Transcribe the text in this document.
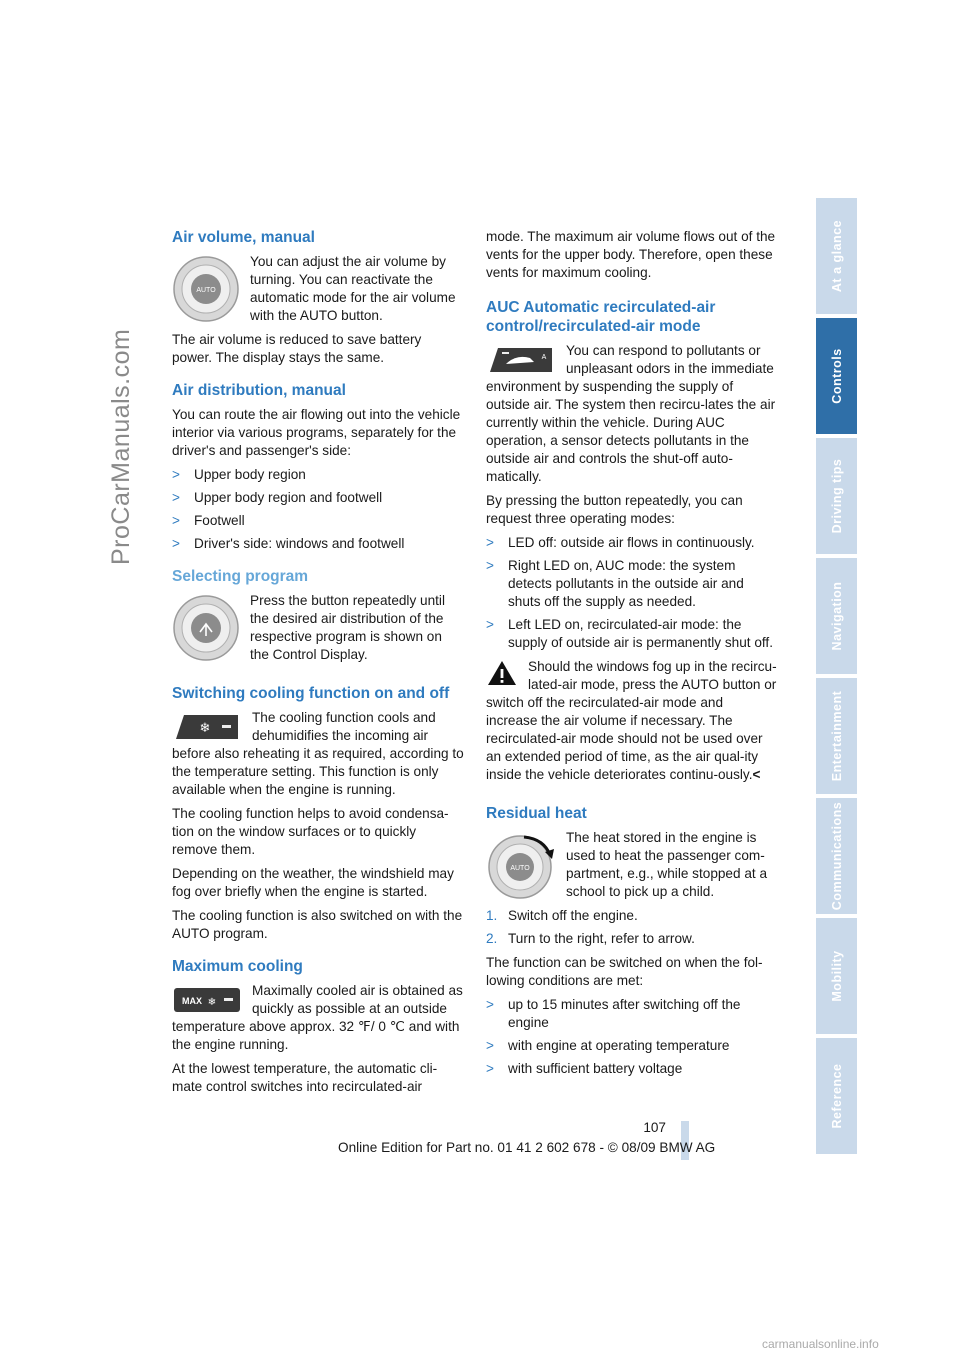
ProCarManuals.com
Air volume, manual
AUTO

You can adjust the air volume by turning. You can reactivate the automatic mode for the air volume with the AUTO button.

The air volume is reduced to save battery power. The display stays the same.

Air distribution, manual

You can route the air flowing out into the vehicle interior via various programs, separately for the driver's and passenger's side:

> Upper body region
> Upper body region and footwell
> Footwell
> Driver's side: windows and footwell
Selecting program

Press the button repeatedly until the desired air distribution of the respective program is shown on the Control Display.

Switching cooling function on and off
❄

The cooling function cools and dehumidifies the incoming air before also reheating it as required, according to the temperature setting. This function is only available when the engine is running.

The cooling function helps to avoid condensa-tion on the window surfaces or to quickly remove them.

Depending on the weather, the windshield may fog over briefly when the engine is started.

The cooling function is also switched on with the AUTO program.

Maximum cooling
MAX ❄

Maximally cooled air is obtained as quickly as possible at an outside temperature above approx. 32 ℉/ 0 ℃ and with the engine running.

At the lowest temperature, the automatic cli-mate control switches into recirculated-air

mode. The maximum air volume flows out of the vents for the upper body. Therefore, open these vents for maximum cooling.

AUC Automatic recirculated-air control/recirculated-air mode
A	You can respond to pollutants or unpleasant odors in the immediate environment by suspending the supply of outside air. The system then recircu-lates the air currently within the vehicle. During AUC operation, a sensor detects pollutants in the outside air and controls the shut-off auto-matically.

By pressing the button repeatedly, you can request three operating modes:

> LED off: outside air flows in continuously.
> Right LED on, AUC mode: the system detects pollutants in the outside air and shuts off the supply as needed.
> Left LED on, recirculated-air mode: the supply of outside air is permanently shut off.

Should the windows fog up in the recircu-lated-air mode, press the AUTO button or switch off the recirculated-air mode and increase the air volume if necessary. The recirculated-air mode should not be used over an extended period of time, as the air qual-ity inside the vehicle deteriorates continu-ously.<

Residual heat
AUTO

The heat stored in the engine is used to heat the passenger com-partment, e.g., while stopped at a school to pick up a child.

1. Switch off the engine.
2. Turn to the right, refer to arrow.

The function can be switched on when the fol-lowing conditions are met:

> up to 15 minutes after switching off the engine
> with engine at operating temperature
> with sufficient battery voltage
At a glance
Controls
Driving tips
Navigation
Entertainment
Communications
Mobility
Reference
107
Online Edition for Part no. 01 41 2 602 678 - © 08/09 BMW AG
carmanualsonline.info
